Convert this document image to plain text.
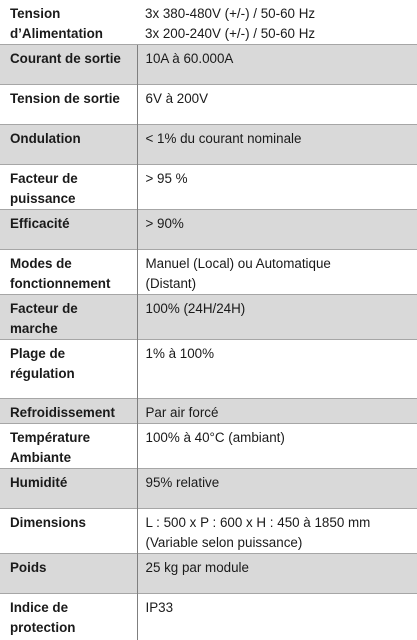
Tension
d’Alimentation	3x 380-480V (+/-) / 50-60 Hz
3x 200-240V (+/-) / 50-60 Hz

Courant de sortie	10A à 60.000A

Tension de sortie	6V à 200V

Ondulation	< 1% du courant nominale

Facteur de
puissance	> 95 %

Efficacité	> 90%

Modes de
fonctionnement	Manuel (Local) ou Automatique
(Distant)

Facteur de
marche	100% (24H/24H)

Plage de
régulation	1% à 100%

Refroidissement	Par air forcé

Température
Ambiante	100% à 40°C (ambiant)

Humidité	95% relative

Dimensions	L : 500 x P : 600 x H : 450 à 1850 mm
(Variable selon puissance)

Poids	25 kg par module

Indice de
protection	IP33
